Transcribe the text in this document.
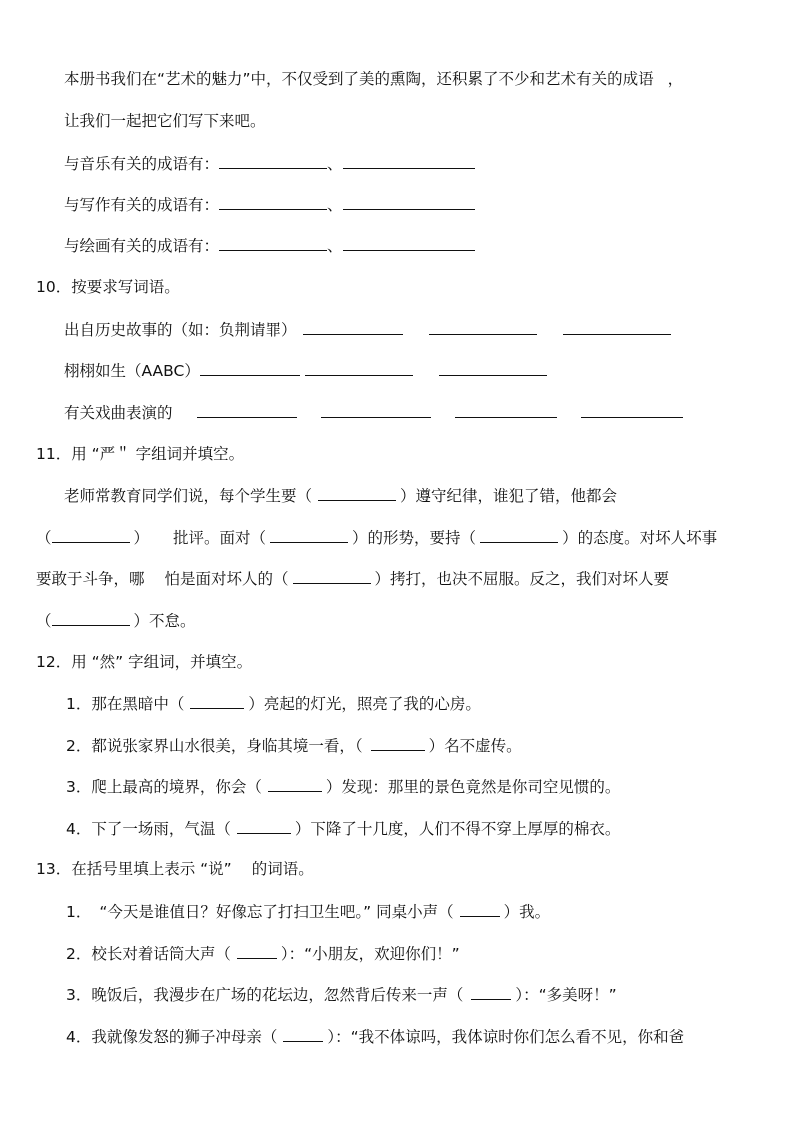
本册书我们在“艺术的魅力”中，不仅受到了美的熏陶，还积累了不少和艺术有关的成语 ，
让我们一起把它们写下来吧。
与音乐有关的成语有：	、
与写作有关的成语有：	、
与绘画有关的成语有：	、
10．按要求写词语。
出自历史故事的（如：负荆请罪）
栩栩如生（AABC）
有关戏曲表演的
11．用 “严＂ 字组词并填空。
老师常教育同学们说，每个学生要（	）遵守纪律，谁犯了错，他都会
（	） 批评。面对（	）的形势，要持（	）的态度。对坏人坏事
要敢于斗争，哪 怕是面对坏人的（	）拷打，也决不屈服。反之，我们对坏人要
（	）不怠。
12．用 “然” 字组词，并填空。
1．那在黑暗中（	）亮起的灯光，照亮了我的心房。
2．都说张家界山水很美，身临其境一看，（	）名不虚传。
3．爬上最高的境界，你会（	）发现：那里的景色竟然是你司空见惯的。
4．下了一场雨，气温（	）下降了十几度，人们不得不穿上厚厚的棉衣。
13．在括号里填上表示 “说” 的词语。
1． “今天是谁值日？好像忘了打扫卫生吧。” 同桌小声（	）我。
2．校长对着话筒大声（	）：“小朋友，欢迎你们！”
3．晚饭后，我漫步在广场的花坛边，忽然背后传来一声（	）：“多美呀！”
4．我就像发怒的狮子冲母亲（	）：“我不体谅吗，我体谅时你们怎么看不见，你和爸
